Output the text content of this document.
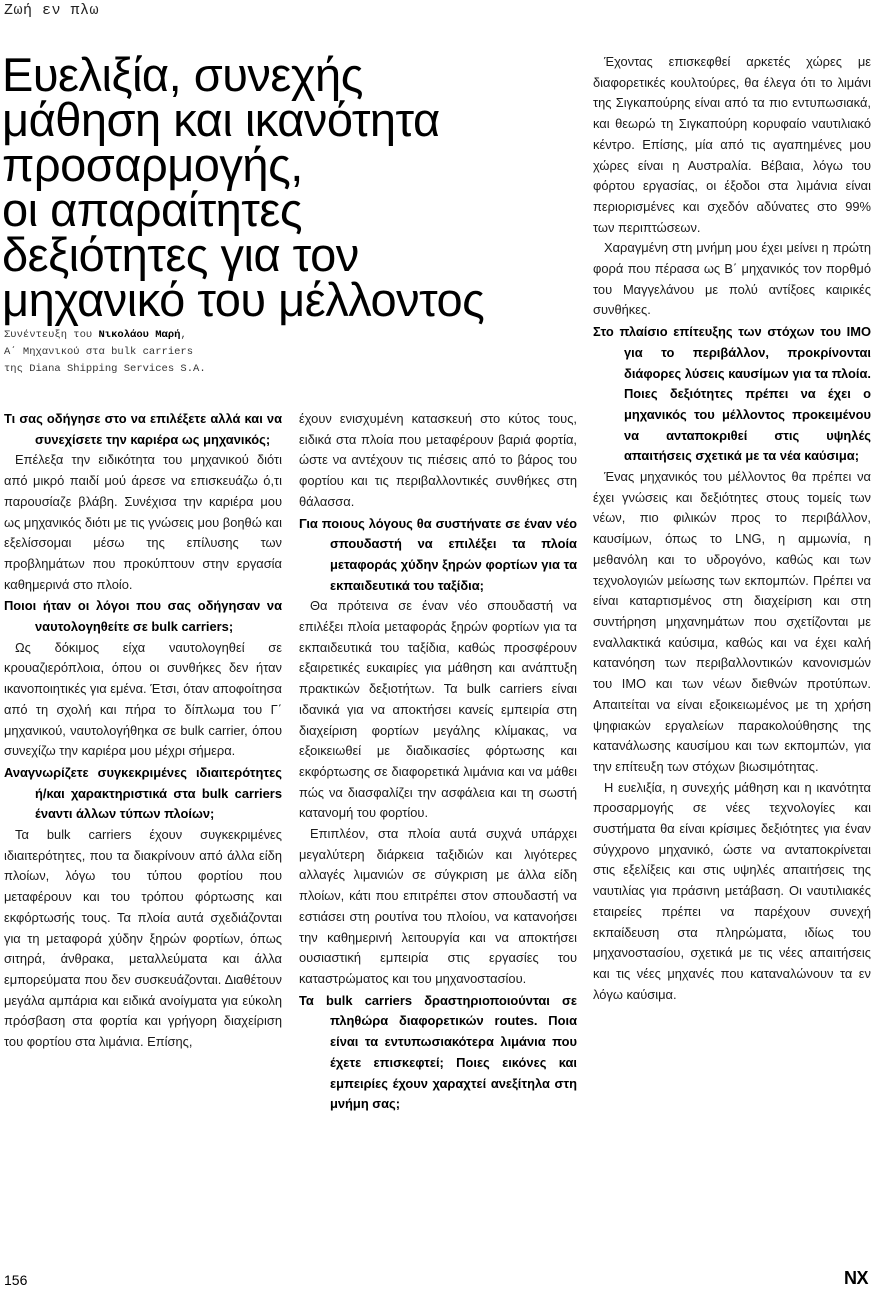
Ζωή εν πλω
Ευελιξία, συνεχής
μάθηση και ικανότητα
προσαρμογής,
οι απαραίτητες
δεξιότητες για τον
μηχανικό του μέλλοντος
Συνέντευξη του Νικολάου Μαρή,
Α΄ Μηχανικού στα bulk carriers
της Diana Shipping Services S.A.
Τι σας οδήγησε στο να επιλέξετε αλλά και να συνεχίσετε την καριέρα ως μηχανικός;

Επέλεξα την ειδικότητα του μηχανικού διότι από μικρό παιδί μού άρεσε να επισκευάζω ό,τι παρουσίαζε βλάβη. Συνέχισα την καριέρα μου ως μηχανικός διότι με τις γνώσεις μου βοηθώ και εξελίσσομαι μέσω της επίλυσης των προβλημάτων που προκύπτουν στην εργασία καθημερινά στο πλοίο.

Ποιοι ήταν οι λόγοι που σας οδήγησαν να ναυτολογηθείτε σε bulk carriers;

Ως δόκιμος είχα ναυτολογηθεί σε κρουαζιερόπλοια, όπου οι συνθήκες δεν ήταν ικανοποιητικές για εμένα. Έτσι, όταν αποφοίτησα από τη σχολή και πήρα το δίπλωμα του Γ΄ μηχανικού, ναυτολογήθηκα σε bulk carrier, όπου συνεχίζω την καριέρα μου μέχρι σήμερα.

Αναγνωρίζετε συγκεκριμένες ιδιαιτερότητες ή/και χαρακτηριστικά στα bulk carriers έναντι άλλων τύπων πλοίων;

Τα bulk carriers έχουν συγκεκριμένες ιδιαιτερότητες, που τα διακρίνουν από άλλα είδη πλοίων, λόγω του τύπου φορτίου που μεταφέρουν και του τρόπου φόρτωσης και εκφόρτωσής τους. Τα πλοία αυτά σχεδιάζονται για τη μεταφορά χύδην ξηρών φορτίων, όπως σιτηρά, άνθρακα, μεταλλεύματα και άλλα εμπορεύματα που δεν συσκευάζονται. Διαθέτουν μεγάλα αμπάρια και ειδικά ανοίγματα για εύκολη πρόσβαση στα φορτία και γρήγορη διαχείριση του φορτίου στα λιμάνια. Επίσης,

έχουν ενισχυμένη κατασκευή στο κύτος τους, ειδικά στα πλοία που μεταφέρουν βαριά φορτία, ώστε να αντέχουν τις πιέσεις από το βάρος του φορτίου και τις περιβαλλοντικές συνθήκες στη θάλασσα.

Για ποιους λόγους θα συστήνατε σε έναν νέο σπουδαστή να επιλέξει τα πλοία μεταφοράς χύδην ξηρών φορτίων για τα εκπαιδευτικά του ταξίδια;

Θα πρότεινα σε έναν νέο σπουδαστή να επιλέξει πλοία μεταφοράς ξηρών φορτίων για τα εκπαιδευτικά του ταξίδια, καθώς προσφέρουν εξαιρετικές ευκαιρίες για μάθηση και ανάπτυξη πρακτικών δεξιοτήτων. Τα bulk carriers είναι ιδανικά για να αποκτήσει κανείς εμπειρία στη διαχείριση φορτίων μεγάλης κλίμακας, να εξοικειωθεί με διαδικασίες φόρτωσης και εκφόρτωσης σε διαφορετικά λιμάνια και να μάθει πώς να διασφαλίζει την ασφάλεια και τη σωστή κατανομή του φορτίου.

Επιπλέον, στα πλοία αυτά συχνά υπάρχει μεγαλύτερη διάρκεια ταξιδιών και λιγότερες αλλαγές λιμανιών σε σύγκριση με άλλα είδη πλοίων, κάτι που επιτρέπει στον σπουδαστή να εστιάσει στη ρουτίνα του πλοίου, να κατανοήσει την καθημερινή λειτουργία και να αποκτήσει ουσιαστική εμπειρία στις εργασίες του καταστρώματος και του μηχανοστασίου.

Τα bulk carriers δραστηριοποιούνται σε πληθώρα διαφορετικών routes. Ποια είναι τα εντυπωσιακότερα λιμάνια που έχετε επισκεφτεί; Ποιες εικόνες και εμπειρίες έχουν χαραχτεί ανεξίτηλα στη μνήμη σας;

Έχοντας επισκεφθεί αρκετές χώρες με διαφορετικές κουλτούρες, θα έλεγα ότι το λιμάνι της Σιγκαπούρης είναι από τα πιο εντυπωσιακά, και θεωρώ τη Σιγκαπούρη κορυφαίο ναυτιλιακό κέντρο. Επίσης, μία από τις αγαπημένες μου χώρες είναι η Αυστραλία. Βέβαια, λόγω του φόρτου εργασίας, οι έξοδοι στα λιμάνια είναι περιορισμένες και σχεδόν αδύνατες στο 99% των περιπτώσεων.

Χαραγμένη στη μνήμη μου έχει μείνει η πρώτη φορά που πέρασα ως Β΄ μηχανικός τον πορθμό του Μαγγελάνου με πολύ αντίξοες καιρικές συνθήκες.

Στο πλαίσιο επίτευξης των στόχων του IMO για το περιβάλλον, προκρίνονται διάφορες λύσεις καυσίμων για τα πλοία. Ποιες δεξιότητες πρέπει να έχει ο μηχανικός του μέλλοντος προκειμένου να ανταποκριθεί στις υψηλές απαιτήσεις σχετικά με τα νέα καύσιμα;

Ένας μηχανικός του μέλλοντος θα πρέπει να έχει γνώσεις και δεξιότητες στους τομείς των νέων, πιο φιλικών προς το περιβάλλον, καυσίμων, όπως το LNG, η αμμωνία, η μεθανόλη και το υδρογόνο, καθώς και των τεχνολογιών μείωσης των εκπομπών. Πρέπει να είναι καταρτισμένος στη διαχείριση και στη συντήρηση μηχανημάτων που σχετίζονται με εναλλακτικά καύσιμα, καθώς και να έχει καλή κατανόηση των περιβαλλοντικών κανονισμών του IMO και των νέων διεθνών προτύπων. Απαιτείται να είναι εξοικειωμένος με τη χρήση ψηφιακών εργαλείων παρακολούθησης της κατανάλωσης καυσίμου και των εκπομπών, για την επίτευξη των στόχων βιωσιμότητας.

Η ευελιξία, η συνεχής μάθηση και η ικανότητα προσαρμογής σε νέες τεχνολογίες και συστήματα θα είναι κρίσιμες δεξιότητες για έναν σύγχρονο μηχανικό, ώστε να ανταποκρίνεται στις εξελίξεις και στις υψηλές απαιτήσεις της ναυτιλίας για πράσινη μετάβαση. Οι ναυτιλιακές εταιρείες πρέπει να παρέχουν συνεχή εκπαίδευση στα πληρώματα, ιδίως του μηχανοστασίου, σχετικά με τις νέες απαιτήσεις και τις νέες μηχανές που καταναλώνουν τα εν λόγω καύσιμα.

156	NX
